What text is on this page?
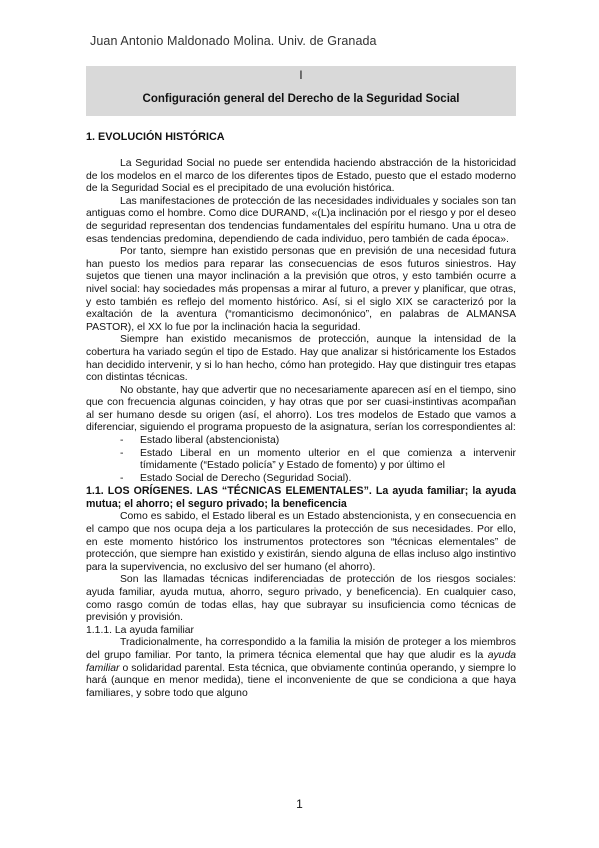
Juan Antonio Maldonado Molina. Univ. de Granada
I
Configuración general del Derecho de la Seguridad Social
1. EVOLUCIÓN HISTÓRICA

La Seguridad Social no puede ser entendida haciendo abstracción de la historicidad de los modelos en el marco de los diferentes tipos de Estado, puesto que el estado moderno de la Seguridad Social es el precipitado de una evolución histórica.

Las manifestaciones de protección de las necesidades individuales y sociales son tan antiguas como el hombre. Como dice DURAND, «(L)a inclinación por el riesgo y por el deseo de seguridad representan dos tendencias fundamentales del espíritu humano. Una u otra de esas tendencias predomina, dependiendo de cada individuo, pero también de cada época».

Por tanto, siempre han existido personas que en previsión de una necesidad futura han puesto los medios para reparar las consecuencias de esos futuros siniestros. Hay sujetos que tienen una mayor inclinación a la previsión que otros, y esto también ocurre a nivel social: hay sociedades más propensas a mirar al futuro, a prever y planificar, que otras, y esto también es reflejo del momento histórico. Así, si el siglo XIX se caracterizó por la exaltación de la aventura (“romanticismo decimonónico”, en palabras de ALMANSA PASTOR), el XX lo fue por la inclinación hacia la seguridad.

Siempre han existido mecanismos de protección, aunque la intensidad de la cobertura ha variado según el tipo de Estado. Hay que analizar si históricamente los Estados han decidido intervenir, y si lo han hecho, cómo han protegido. Hay que distinguir tres etapas con distintas técnicas.

No obstante, hay que advertir que no necesariamente aparecen así en el tiempo, sino que con frecuencia algunas coinciden, y hay otras que por ser cuasi-instintivas acompañan al ser humano desde su origen (así, el ahorro). Los tres modelos de Estado que vamos a diferenciar, siguiendo el programa propuesto de la asignatura, serían los correspondientes al:

- Estado liberal (abstencionista)
- Estado Liberal en un momento ulterior en el que comienza a intervenir tímidamente (“Estado policía” y Estado de fomento) y por último el
- Estado Social de Derecho (Seguridad Social).

1.1. LOS ORÍGENES. LAS “TÉCNICAS ELEMENTALES”. La ayuda familiar; la ayuda mutua; el ahorro; el seguro privado; la beneficencia

Como es sabido, el Estado liberal es un Estado abstencionista, y en consecuencia en el campo que nos ocupa deja a los particulares la protección de sus necesidades. Por ello, en este momento histórico los instrumentos protectores son “técnicas elementales” de protección, que siempre han existido y existirán, siendo alguna de ellas incluso algo instintivo para la supervivencia, no exclusivo del ser humano (el ahorro).

Son las llamadas técnicas indiferenciadas de protección de los riesgos sociales: ayuda familiar, ayuda mutua, ahorro, seguro privado, y beneficencia). En cualquier caso, como rasgo común de todas ellas, hay que subrayar su insuficiencia como técnicas de previsión y provisión.

1.1.1. La ayuda familiar

Tradicionalmente, ha correspondido a la familia la misión de proteger a los miembros del grupo familiar. Por tanto, la primera técnica elemental que hay que aludir es la ayuda familiar o solidaridad parental. Esta técnica, que obviamente continúa operando, y siempre lo hará (aunque en menor medida), tiene el inconveniente de que se condiciona a que haya familiares, y sobre todo que alguno

1
